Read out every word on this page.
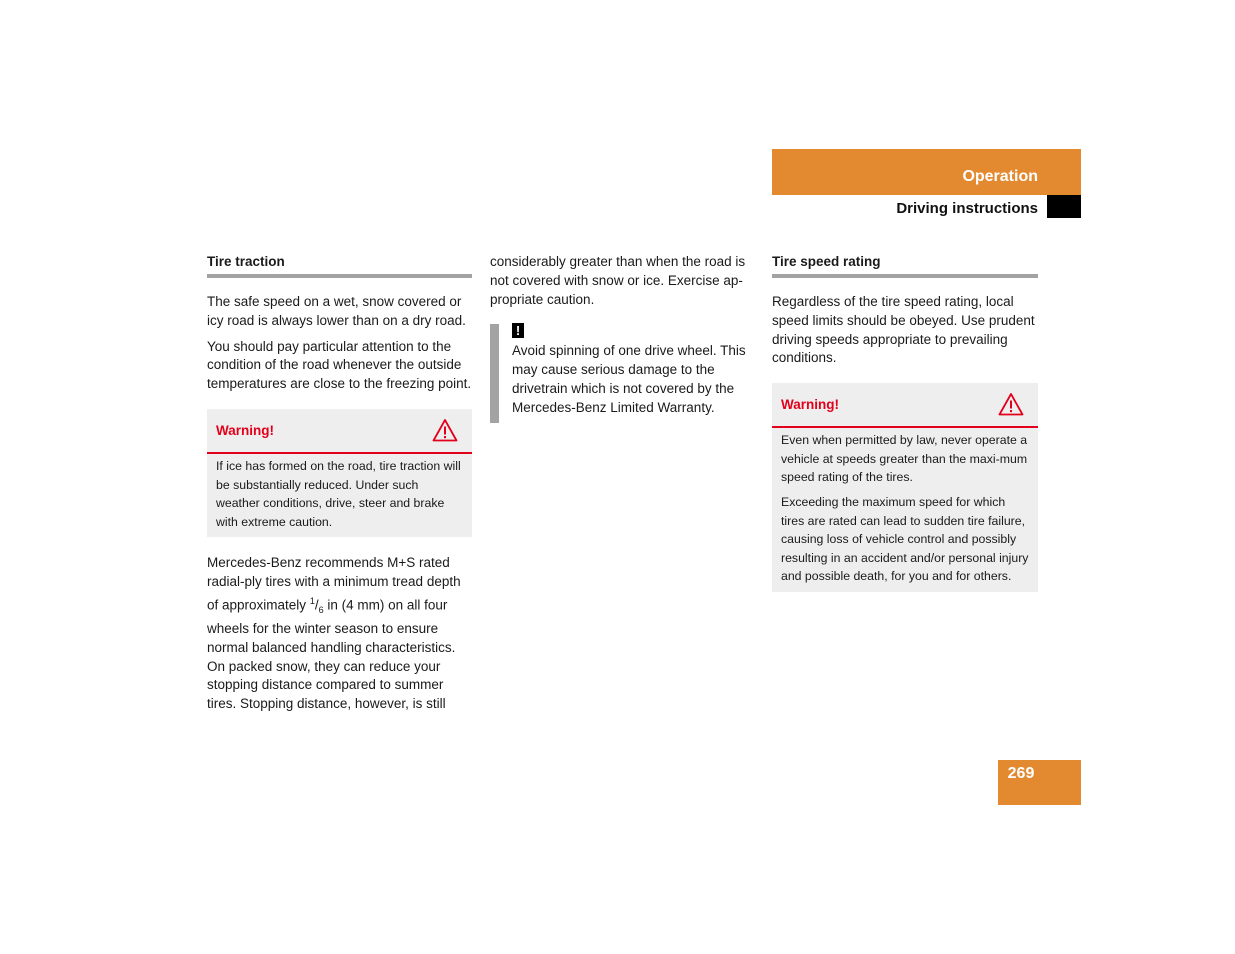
Operation
Driving instructions
Tire traction

The safe speed on a wet, snow covered or icy road is always lower than on a dry road.

You should pay particular attention to the condition of the road whenever the outside temperatures are close to the freezing point.

Warning!

If ice has formed on the road, tire traction will be substantially reduced. Under such weather conditions, drive, steer and brake with extreme caution.

Mercedes-Benz recommends M+S rated radial-ply tires with a minimum tread depth of approximately $^1/_6$ in (4 mm) on all four wheels for the winter season to ensure normal balanced handling characteristics. On packed snow, they can reduce your stopping distance compared to summer tires. Stopping distance, however, is still

considerably greater than when the road is not covered with snow or ice. Exercise ap-propriate caution.

!

Avoid spinning of one drive wheel. This may cause serious damage to the drivetrain which is not covered by the Mercedes-Benz Limited Warranty.

Tire speed rating

Regardless of the tire speed rating, local speed limits should be obeyed. Use prudent driving speeds appropriate to prevailing conditions.

Warning!

Even when permitted by law, never operate a vehicle at speeds greater than the maxi-mum speed rating of the tires.

Exceeding the maximum speed for which tires are rated can lead to sudden tire failure, causing loss of vehicle control and possibly resulting in an accident and/or personal injury and possible death, for you and for others.

269
